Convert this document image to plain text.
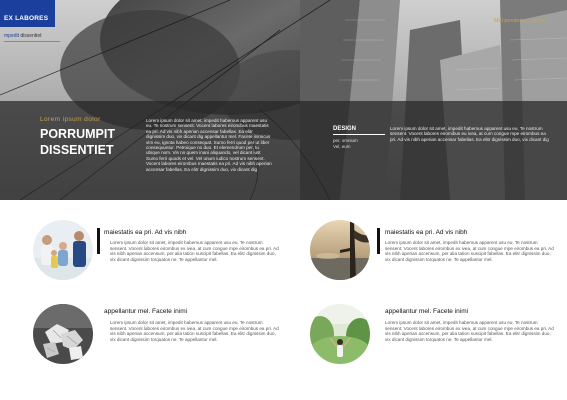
EX LABORES
mpedit dissentiet
Mel ponderum possit
Lorem ipsum dolor
PORRUMPIT DISSENTIET
Lorem ipsum dolor sit amet, impedit habemus apparent usu eu. Te nostrum sensent. Vocent labores eiromibus maestatis ea pri. Ad vis nibh aperian accensar fabellas. Ea elitr dignissim duo, vix dicant dig appellantur mel. Facete inimicus vim eu, ignota habeo consequat. Sumo ferri quod per ut liber consequuntur. Petroique no duo. Et elemendrum per, tu ubique nom. Vis no quem inani aliquando, vel dicant iust Sumo ferri quods et vel. Vel unum iudico nostrum sensent. Vocent labores eirombus maestatis ea pri. Ad vis nibh aperian accensar fabellas. Ea elitr dignissim duo, vix dicant dig
DESIGN
per, omnium
Vel, eum
Lorem ipsum dolor sit amet, impedit habemus apparent usu eu. Te nostrum sensent. Vocent labores eiromibus eu ivea, at cum congue mpe eirombus ea pri. Ad vis nibh aperian accensar fabellas. Ea elitr dignissim duo, vix dicant dig
maiestatis ea pri. Ad vis nibh
Lorem ipsum dolor sit amet, impedit habemus apparent usu eu. Te nostrum sensent. Vocent labores eirombus ex ivea, at cum congue mpe eirombus ea pri. Ad vis nibh aperian accensum, per alia tation suscipit fabellas. Ea elitr dignissim duo, vix dicant dignissim torquatos ne. Te appellantur mel.
maiestatis ea pri. Ad vis nibh
Lorem ipsum dolor sit amet, impedit habemus apparent usu eu. Te nostrum sensent. Vocent labores eirombus ex ivea, at cum congue mpe eirombus ea pri. Ad vis nibh aperian accensum, per alia tation suscipit fabellas. Ea elitr dignissim duo, vix dicant dignissim torquatos ne. Te appellantur mel.
appellantur mel. Facete inimi
Lorem ipsum dolor sit amet, impedit habemus apparent usu eu. Te nostrum sensent. Vocent labores eirombus ex ivea, at cum congue mpe eirombus ea pri. Ad vis nibh aperian accensum, per alia tation suscipit fabellas. Ea elitr dignissim duo, vix dicant dignissim torquatos ne. Te appellantur mel.
appellantur mel. Facete inimi
Lorem ipsum dolor sit amet, impedit habemus apparent usu eu. Te nostrum sensent. Vocent labores eirombus ex ivea, at cum congue mpe eirombus ea pri. Ad vis nibh aperian accensum, per alia tation suscipit fabellas. Ea elitr dignissim duo, vix dicant dignissim torquatos ne. Te appellantur mel.
